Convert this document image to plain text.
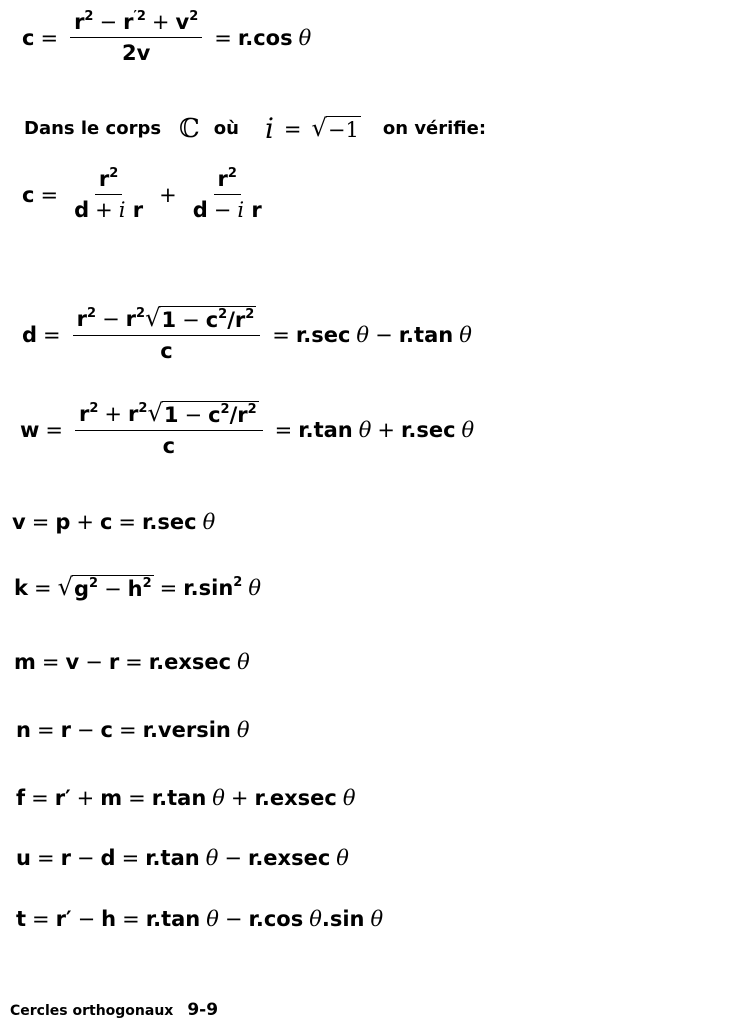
$c = \frac{r^2 - r^{'2} + v^2}{2v} = r.\cos$ θ
Dans le corps ℂ où i = √ −1 on vérifie:
$c = \frac{r^2}{\text{d + i r}} + \frac{r^2}{\text{d − i r}}$
$d = \frac{r^2 - r^2 √ 1 - c^2/r^2}{c} = r.\sec$ θ − r.tan θ
$w = \frac{r^2 + r^2 √ 1 - c^2/r^2}{c} = r.\tan$ θ + r.sec θ
v = p + c = r.sec θ
k = √ $g^2 - h^2 = r.\sin^2$ θ
m = v − r = r.exsec θ
n = r − c = r.versin θ
f = r′ + m = r.tan θ + r.exsec θ
u = r − d = r.tan θ − r.exsec θ
t = r′ − h = r.tan θ − r.cos θ .sin θ
Cercles orthogonaux 9-9
